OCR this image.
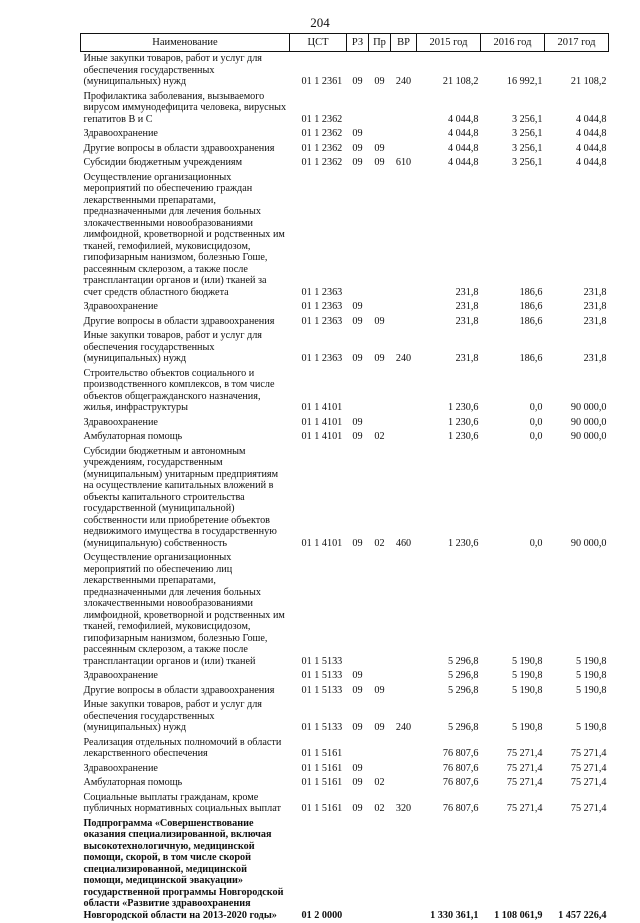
204
Наименование	ЦСТ	РЗ	Пр	ВР	2015 год	2016 год	2017 год
Иные закупки товаров, работ и услуг для обеспечения государственных (муниципальных) нужд	01 1 2361	09	09	240	21 108,2	16 992,1	21 108,2
Профилактика заболевания, вызываемого вирусом иммунодефицита человека, вирусных гепатитов В и С	01 1 2362				4 044,8	3 256,1	4 044,8
Здравоохранение	01 1 2362	09			4 044,8	3 256,1	4 044,8
Другие вопросы в области здравоохранения	01 1 2362	09	09		4 044,8	3 256,1	4 044,8
Субсидии бюджетным учреждениям	01 1 2362	09	09	610	4 044,8	3 256,1	4 044,8
Осуществление организационных мероприятий по обеспечению граждан лекарственными препаратами, предназначенными для лечения больных злокачественными новообразованиями лимфоидной, кроветворной и родственных им тканей, гемофилией, муковисцидозом, гипофизарным нанизмом, болезнью Гоше, рассеянным склерозом, а также после трансплантации органов и (или) тканей за счет средств областного бюджета	01 1 2363				231,8	186,6	231,8
Здравоохранение	01 1 2363	09			231,8	186,6	231,8
Другие вопросы в области здравоохранения	01 1 2363	09	09		231,8	186,6	231,8
Иные закупки товаров, работ и услуг для обеспечения государственных (муниципальных) нужд	01 1 2363	09	09	240	231,8	186,6	231,8
Строительство объектов социального и производственного комплексов, в том числе объектов общегражданского назначения, жилья, инфраструктуры	01 1 4101				1 230,6	0,0	90 000,0
Здравоохранение	01 1 4101	09			1 230,6	0,0	90 000,0
Амбулаторная помощь	01 1 4101	09	02		1 230,6	0,0	90 000,0
Субсидии бюджетным и автономным учреждениям, государственным (муниципальным) унитарным предприятиям на осуществление капитальных вложений в объекты капитального строительства государственной (муниципальной) собственности или приобретение объектов недвижимого имущества в государственную (муниципальную) собственность	01 1 4101	09	02	460	1 230,6	0,0	90 000,0
Осуществление организационных мероприятий по обеспечению лиц лекарственными препаратами, предназначенными для лечения больных злокачественными новообразованиями лимфоидной, кроветворной и родственных им тканей, гемофилией, муковисцидозом, гипофизарным нанизмом, болезнью Гоше, рассеянным склерозом, а также после трансплантации органов и (или) тканей	01 1 5133				5 296,8	5 190,8	5 190,8
Здравоохранение	01 1 5133	09			5 296,8	5 190,8	5 190,8
Другие вопросы в области здравоохранения	01 1 5133	09	09		5 296,8	5 190,8	5 190,8
Иные закупки товаров, работ и услуг для обеспечения государственных (муниципальных) нужд	01 1 5133	09	09	240	5 296,8	5 190,8	5 190,8
Реализация отдельных полномочий в области лекарственного обеспечения	01 1 5161				76 807,6	75 271,4	75 271,4
Здравоохранение	01 1 5161	09			76 807,6	75 271,4	75 271,4
Амбулаторная помощь	01 1 5161	09	02		76 807,6	75 271,4	75 271,4
Социальные выплаты гражданам, кроме публичных нормативных социальных выплат	01 1 5161	09	02	320	76 807,6	75 271,4	75 271,4
Подпрограмма «Совершенствование оказания специализированной, включая высокотехнологичную, медицинской помощи, скорой, в том числе скорой специализированной, медицинской помощи, медицинской эвакуации» государственной программы Новгородской области «Развитие здравоохранения Новгородской области на 2013-2020 годы»	01 2 0000				1 330 361,1	1 108 061,9	1 457 226,4
